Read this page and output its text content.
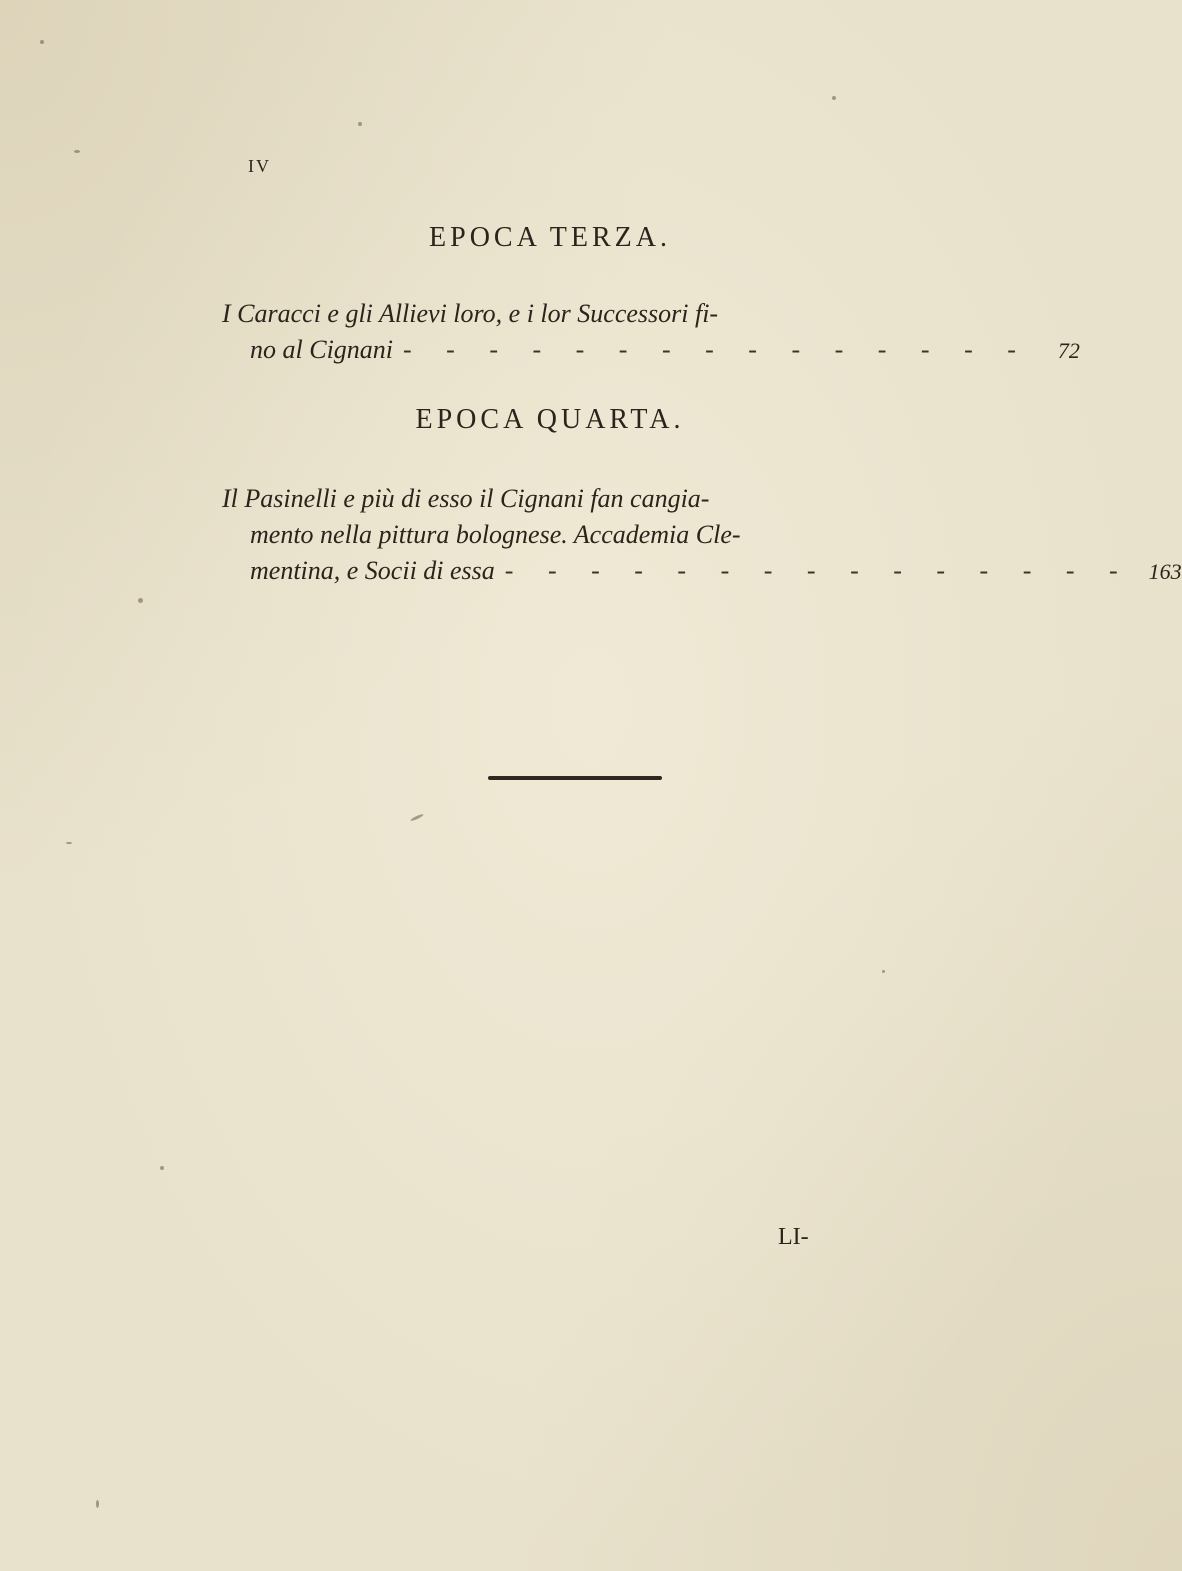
IV
EPOCA TERZA.
I Caracci e gli Allievi loro, e i lor Successori fi-
no al Cignani - - - - - - - - - - - - - - -	72
EPOCA QUARTA.
Il Pasinelli e più di esso il Cignani fan cangia-
mento nella pittura bolognese. Accademia Cle-
mentina, e Socii di essa - - - - - - - - - - - - - - - 163
LI-
